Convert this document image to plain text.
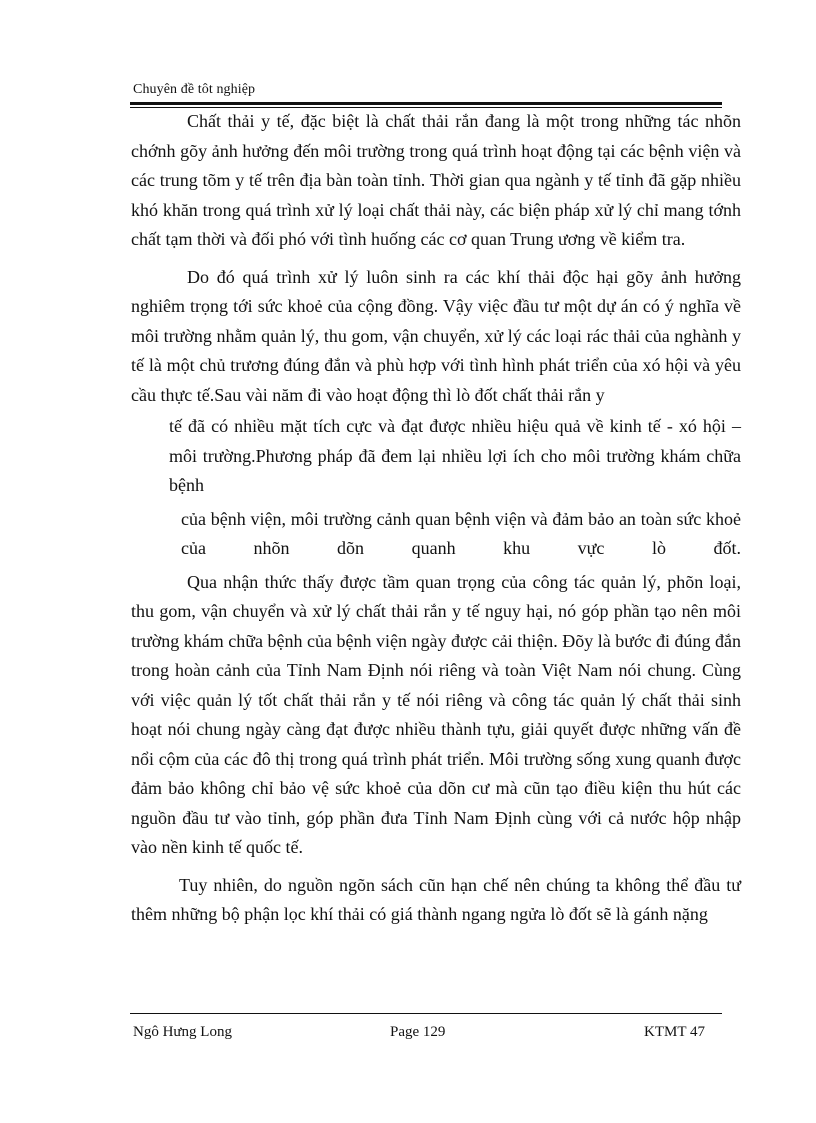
Chuyên đề tôt nghiệp

Chất thải y tế, đặc biệt là chất thải rắn đang là một trong những tác nhõn chớnh gõy ảnh hưởng đến môi trường trong quá trình hoạt động tại các bệnh viện và các trung tõm y tế trên địa bàn toàn tỉnh. Thời gian qua ngành y tế tỉnh đã gặp nhiều khó khăn trong quá trình xử lý loại chất thải này, các biện pháp xử lý chỉ mang tớnh chất tạm thời và đối phó với tình huống các cơ quan Trung ương về kiểm tra.

Do đó quá trình xử lý luôn sinh ra các khí thải độc hại gõy ảnh hưởng nghiêm trọng tới sức khoẻ của cộng đồng. Vậy việc đầu tư một dự án có ý nghĩa về môi trường nhằm quản lý, thu gom, vận chuyển, xử lý các loại rác thải của nghành y tế là một chủ trương đúng đắn và phù hợp với tình hình phát triển của xó hội và yêu cầu thực tế.Sau vài năm đi vào hoạt động thì lò đốt chất thải rắn y

tế đã có nhiều mặt tích cực và đạt được nhiều hiệu quả về kinh tế - xó hội – môi trường.Phương pháp đã đem lại nhiều lợi ích cho môi trường khám chữa bệnh

của bệnh viện, môi trường cảnh quan bệnh viện và đảm bảo an toàn sức khoẻ của nhõn dõn quanh khu vực lò đốt.

Qua nhận thức thấy được tầm quan trọng của công tác quản lý, phõn loại, thu gom, vận chuyển và xử lý chất thải rắn y tế nguy hại, nó góp phần tạo nên môi trường khám chữa bệnh của bệnh viện ngày được cải thiện. Đõy là bước đi đúng đắn trong hoàn cảnh của Tỉnh Nam Định nói riêng và toàn Việt Nam nói chung. Cùng với việc quản lý tốt chất thải rắn y tế nói riêng và công tác quản lý chất thải sinh hoạt nói chung ngày càng đạt được nhiều thành tựu, giải quyết được những vấn đề nổi cộm của các đô thị trong quá trình phát triển. Môi trường sống xung quanh được đảm bảo không chỉ bảo vệ sức khoẻ của dõn cư mà cũn tạo điều kiện thu hút các nguồn đầu tư vào tỉnh, góp phần đưa Tỉnh Nam Định cùng với cả nước hộp nhập vào nền kinh tế quốc tế.

Tuy nhiên, do nguồn ngõn sách cũn hạn chế nên chúng ta không thể đầu tư thêm những bộ phận lọc khí thải có giá thành ngang ngửa lò đốt sẽ là gánh nặng

Ngô Hưng Long	Page 129	KTMT 47
